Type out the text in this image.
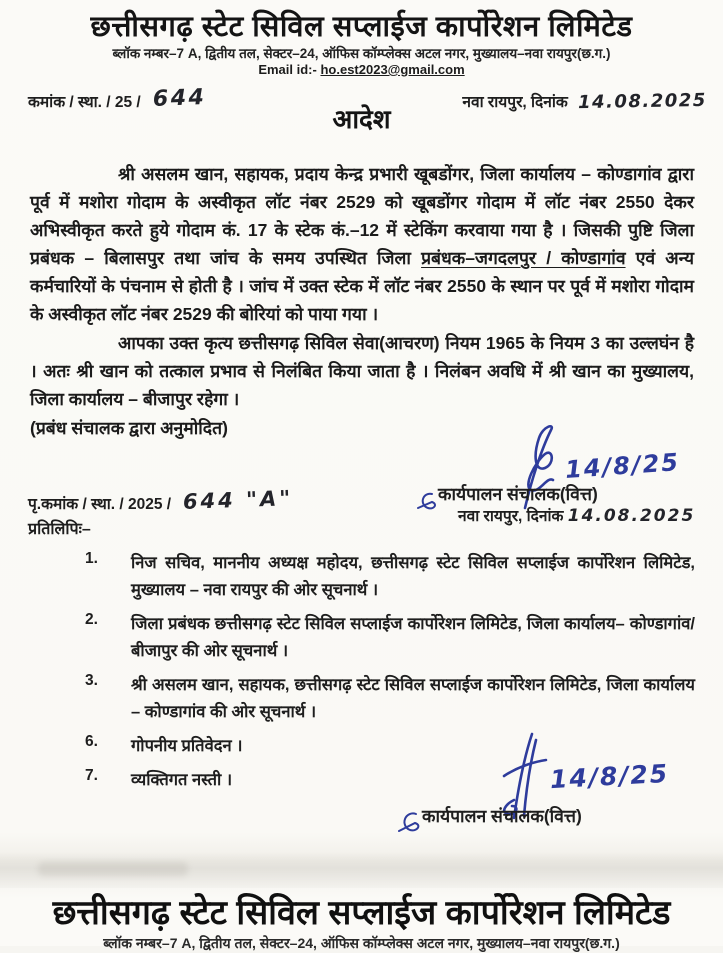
छत्तीसगढ़ स्टेट सिविल सप्लाईज कार्पोरेशन लिमिटेड
ब्लॉक नम्बर–7 A, द्वितीय तल, सेक्टर–24, ऑफिस कॉम्प्लेक्स अटल नगर, मुख्यालय–नवा रायपुर(छ.ग.)
Email id:- ho.est2023@gmail.com
कमांक / स्था. / 25 / 644	नवा रायपुर, दिनांक 14.08.2025
आदेश

श्री असलम खान, सहायक, प्रदाय केन्द्र प्रभारी खूबडोंगर, जिला कार्यालय – कोण्डागांव द्वारा पूर्व में मशोरा गोदाम के अस्वीकृत लॉट नंबर 2529 को खूबडोंगर गोदाम में लॉट नंबर 2550 देकर अभिस्वीकृत करते हुये गोदाम कं. 17 के स्टेक कं.–12 में स्टेकिंग करवाया गया है । जिसकी पुष्टि जिला प्रबंधक – बिलासपुर तथा जांच के समय उपस्थित जिला प्रबंधक–जगदलपुर / कोण्डागांव एवं अन्य कर्मचारियों के पंचनाम से होती है । जांच में उक्त स्टेक में लॉट नंबर 2550 के स्थान पर पूर्व में मशोरा गोदाम के अस्वीकृत लॉट नंबर 2529 की बोरियां को पाया गया ।

आपका उक्त कृत्य छत्तीसगढ़ सिविल सेवा(आचरण) नियम 1965 के नियम 3 का उल्लघंन है । अतः श्री खान को तत्काल प्रभाव से निलंबित किया जाता है । निलंबन अवधि में श्री खान का मुख्यालय, जिला कार्यालय – बीजापुर रहेगा ।

(प्रबंध संचालक द्वारा अनुमोदित)

14/8/25
कार्यपालन संचालक(वित्त)
नवा रायपुर, दिनांक 14.08.2025
पृ.कमांक / स्था. / 2025 / 644 "A"
प्रतिलिपिः–
1.	निज सचिव, माननीय अध्यक्ष महोदय, छत्तीसगढ़ स्टेट सिविल सप्लाईज कार्पोरेशन लिमिटेड, मुख्यालय – नवा रायपुर की ओर सूचनार्थ ।
2.	जिला प्रबंधक छत्तीसगढ़ स्टेट सिविल सप्लाईज कार्पोरेशन लिमिटेड, जिला कार्यालय– कोण्डागांव/बीजापुर की ओर सूचनार्थ ।
3.	श्री असलम खान, सहायक, छत्तीसगढ़ स्टेट सिविल सप्लाईज कार्पोरेशन लिमिटेड, जिला कार्यालय – कोण्डागांव की ओर सूचनार्थ ।
6.	गोपनीय प्रतिवेदन ।
7.	व्यक्तिगत नस्ती ।	14/8/25
कार्यपालन संचालक(वित्त)
छत्तीसगढ़ स्टेट सिविल सप्लाईज कार्पोरेशन लिमिटेड
ब्लॉक नम्बर–7 A, द्वितीय तल, सेक्टर–24, ऑफिस कॉम्प्लेक्स अटल नगर, मुख्यालय–नवा रायपुर(छ.ग.)
